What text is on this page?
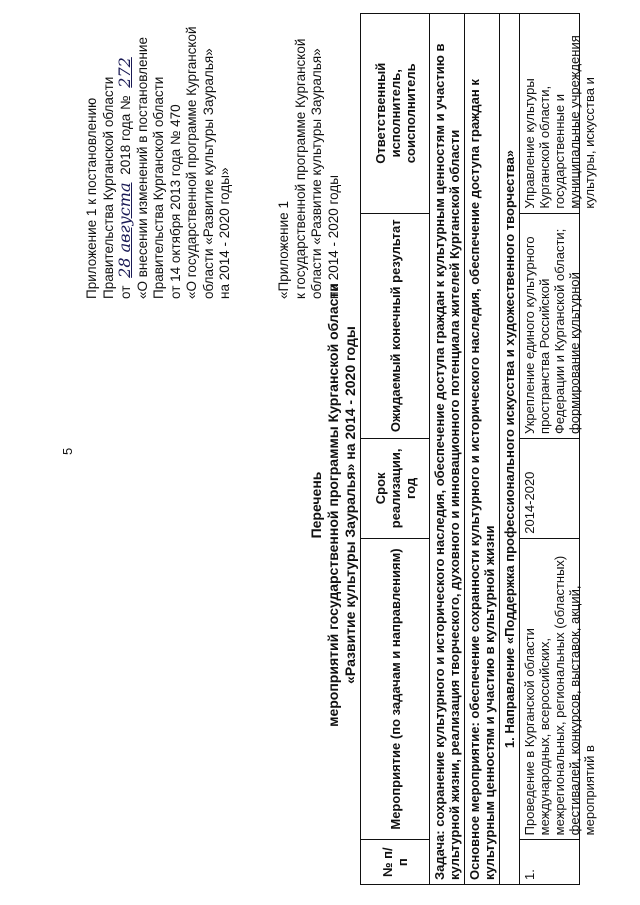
5
Приложение 1 к постановлению Правительства Курганской области от 28 августа 2018 года № 272 «О внесении изменений в постановление Правительства Курганской области от 14 октября 2013 года № 470 «О государственной программе Курганской области «Развитие культуры Зауралья» на 2014 - 2020 годы»	«Приложение 1 к государственной программе Курганской области «Развитие культуры Зауралья» на 2014 - 2020 годы
Перечень мероприятий государственной программы Курганской области «Развитие культуры Зауралья» на 2014 - 2020 годы
№ п/п	Мероприятие (по задачам и направлениям)	Срок реализации, год	Ожидаемый конечный результат	Ответственный исполнитель, соисполнитель
Задача: сохранение культурного и исторического наследия, обеспечение доступа граждан к культурным ценностям и участию в культурной жизни, реализация творческого, духовного и инновационного потенциала жителей Курганской области				
Основное мероприятие: обеспечение сохранности культурного и исторического наследия, обеспечение доступа граждан к культурным ценностям и участию в культурной жизни				
1. Направление «Поддержка профессионального искусства и художественного творчества»				
1.	Проведение в Курганской области международных, всероссийских, межрегиональных, региональных (областных) фестивалей, конкурсов, выставок, акций, мероприятий в	2014-2020	Укрепление единого культурного пространства Российской Федерации и Курганской области; формирование культурной	Управление культуры Курганской области, государственные и муниципальные учреждения культуры, искусства и
